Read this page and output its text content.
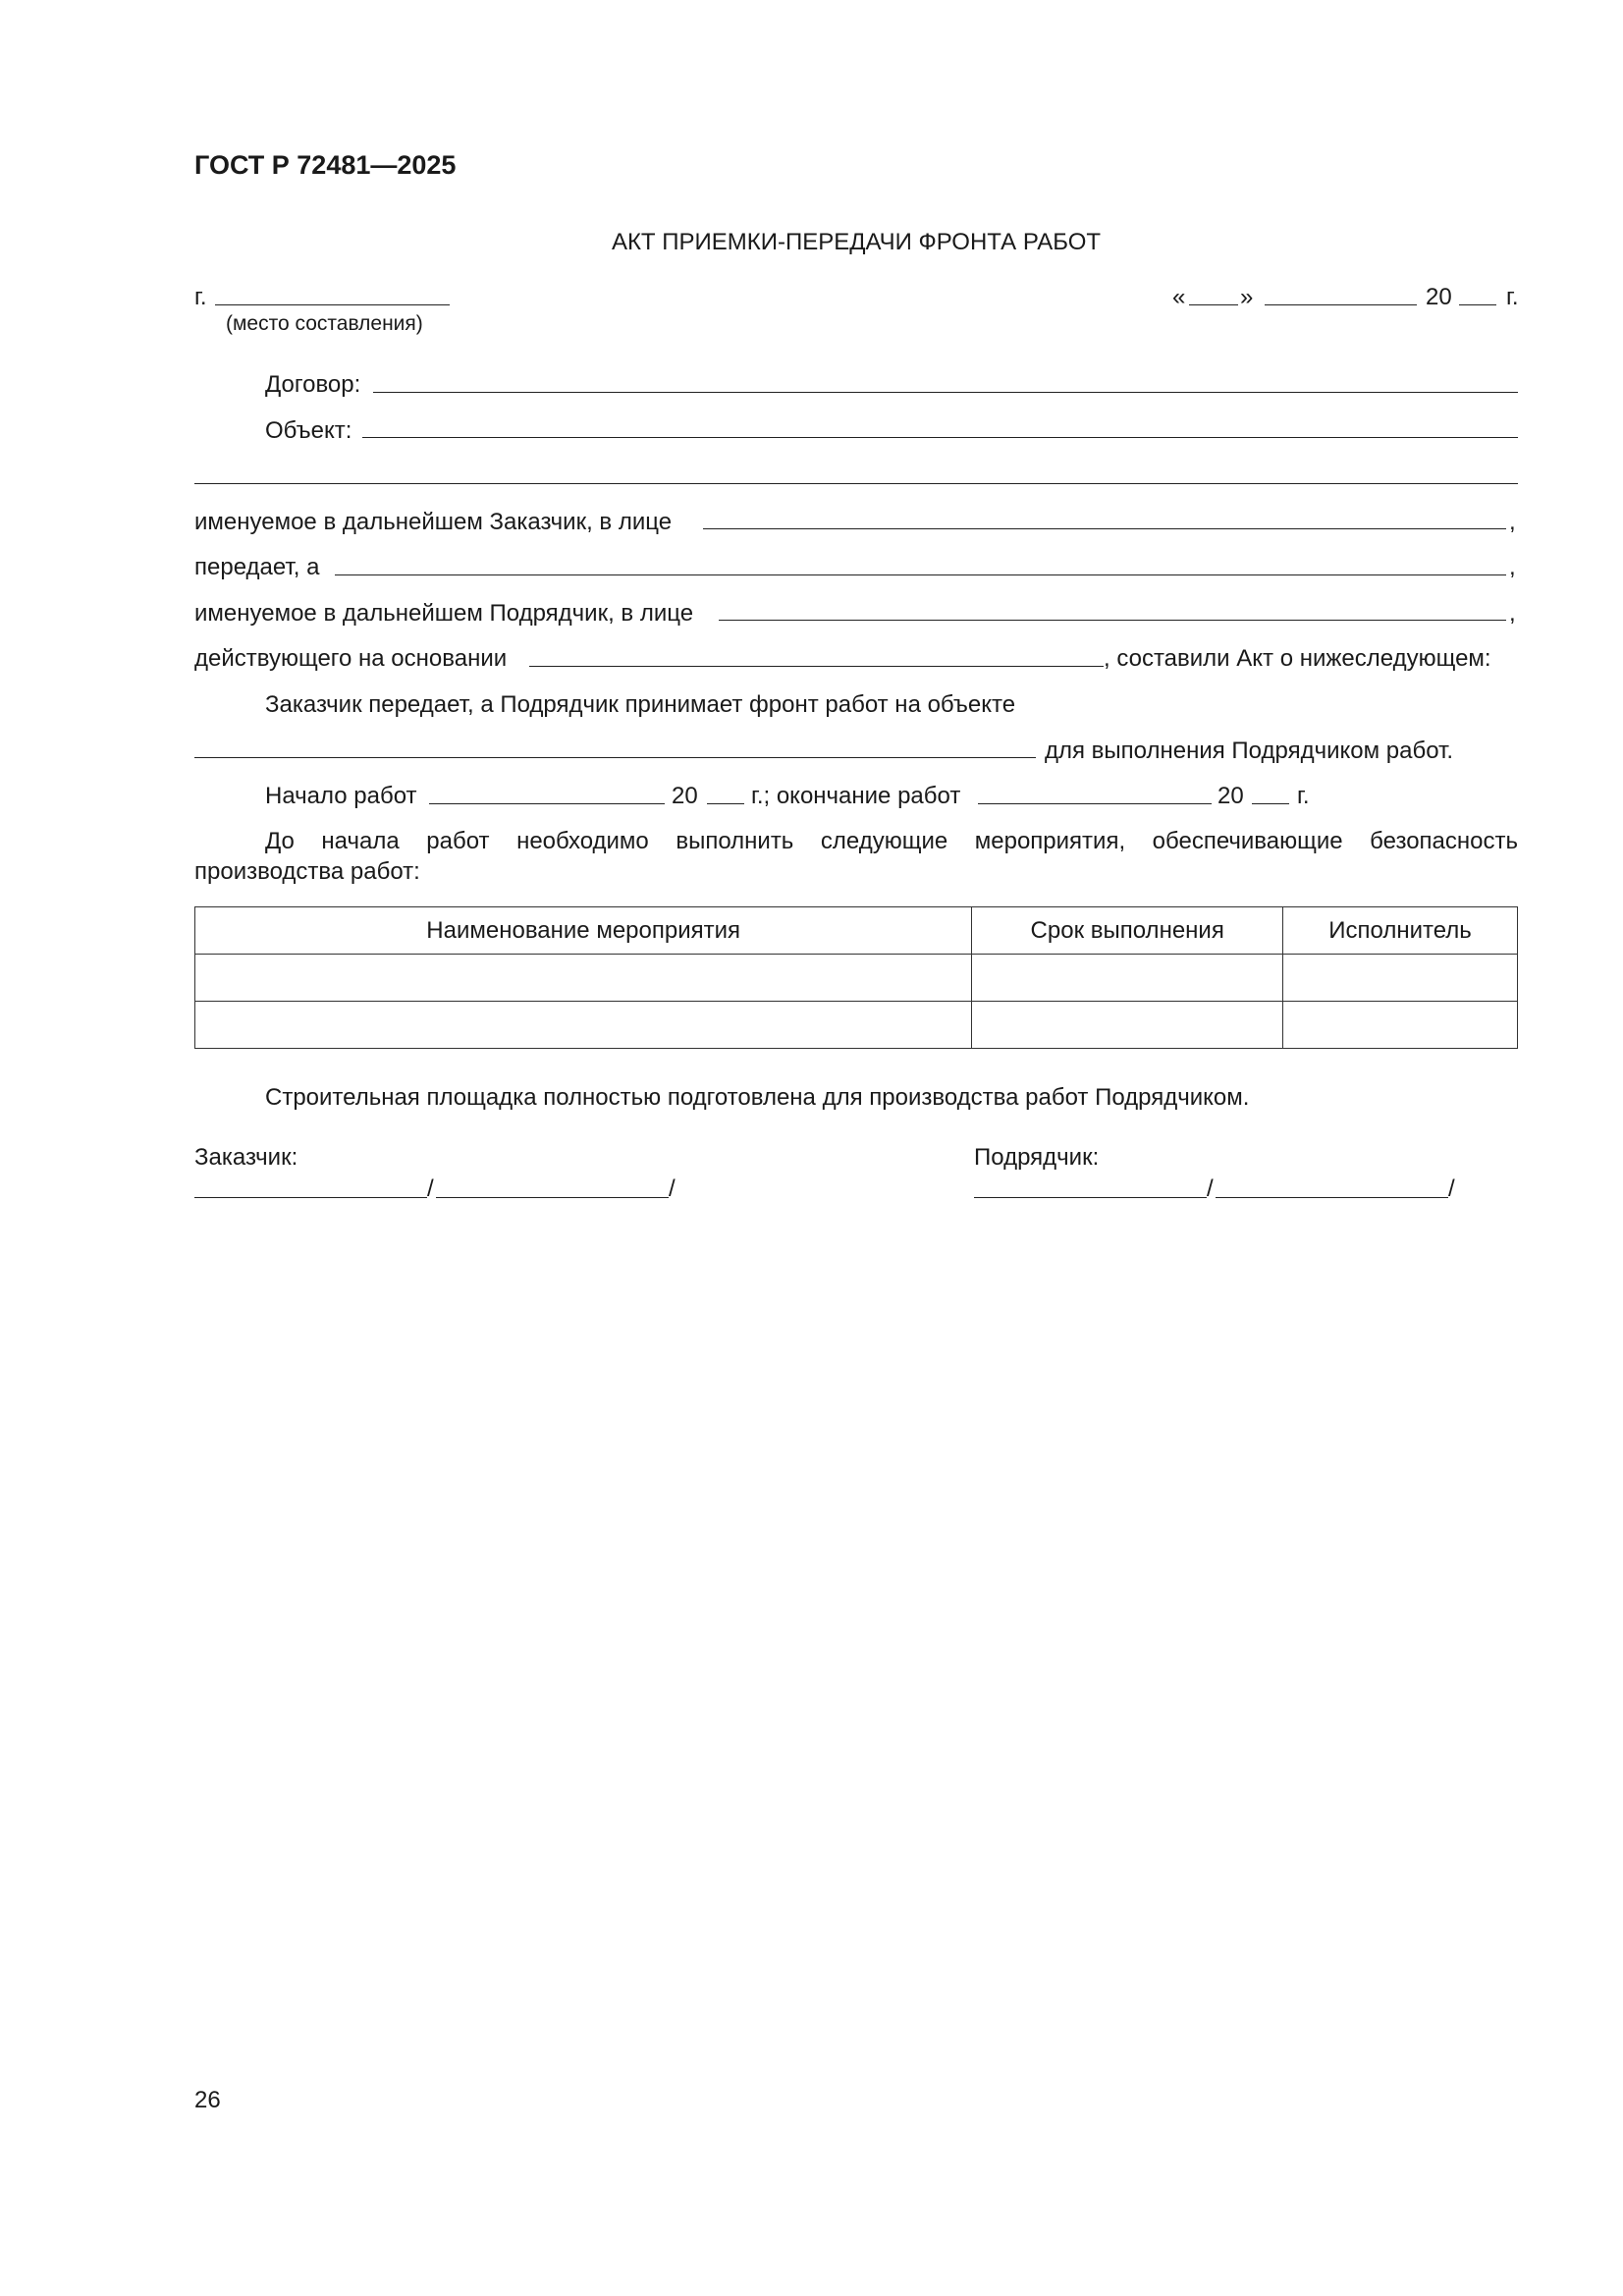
ГОСТ Р 72481—2025
АКТ ПРИЕМКИ-ПЕРЕДАЧИ ФРОНТА РАБОТ
г.
(место составления)
« »	20 г.
Договор:
Объект:
именуемое в дальнейшем Заказчик, в лице	,
передает, а	,
именуемое в дальнейшем Подрядчик, в лице	,
действующего на основании	, составили Акт о нижеследующем:
Заказчик передает, а Подрядчик принимает фронт работ на объекте
для выполнения Подрядчиком работ.
Начало работ	20 г.; окончание работ	20 г.
До начала работ необходимо выполнить следующие мероприятия, обеспечивающие безопасность
производства работ:
Наименование мероприятия	Срок выполнения	Исполнитель

Строительная площадка полностью подготовлена для производства работ Подрядчиком.
Заказчик:
/	/
Подрядчик:
/	/
26
